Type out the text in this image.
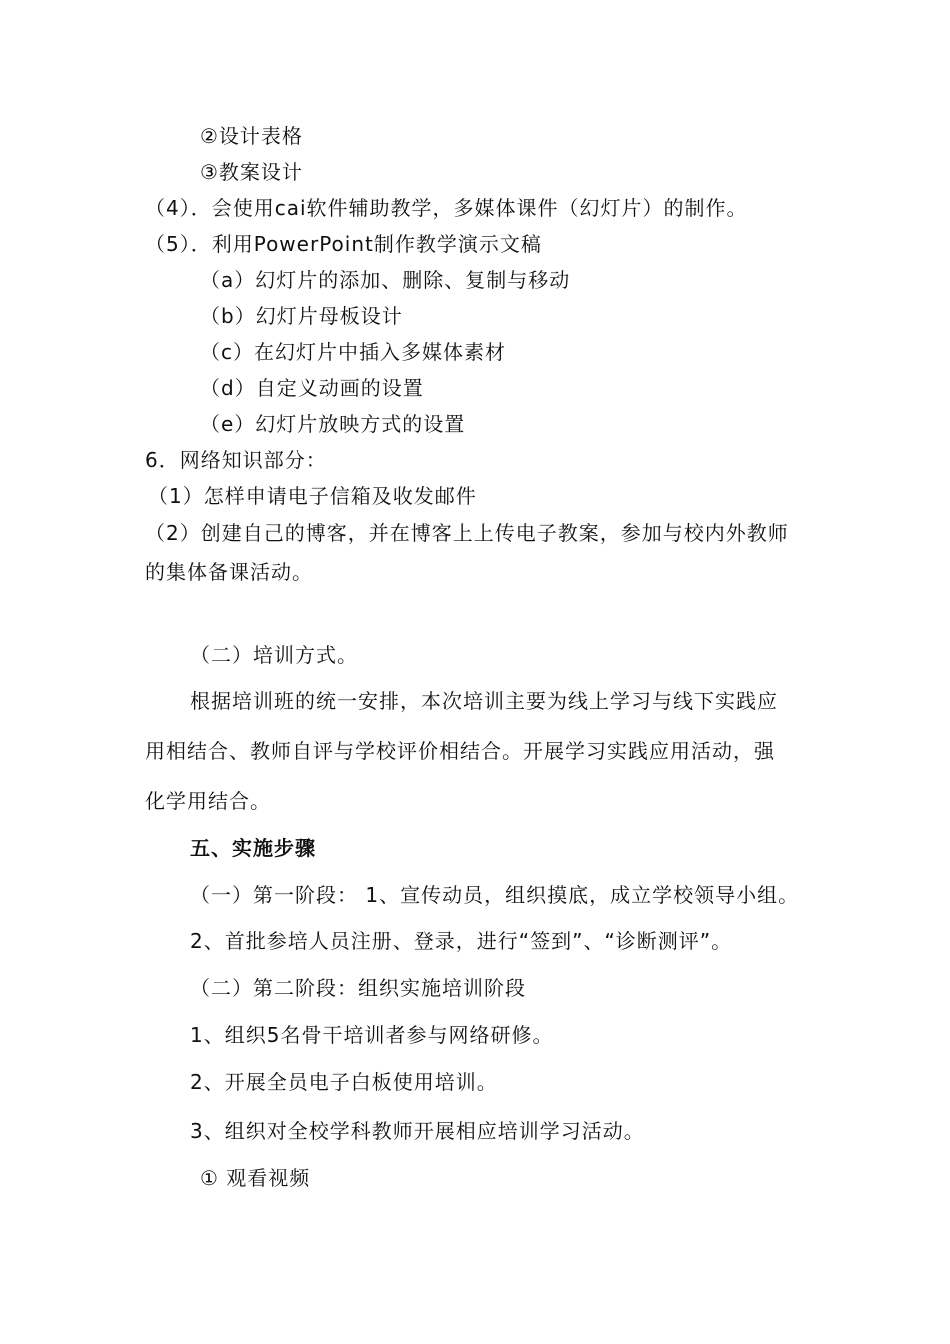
②设计表格
③教案设计
（4）．会使用cai软件辅助教学，多媒体课件（幻灯片）的制作。
（5）．利用PowerPoint制作教学演示文稿
（a）幻灯片的添加、删除、复制与移动
（b）幻灯片母板设计
（c）在幻灯片中插入多媒体素材
（d）自定义动画的设置
（e）幻灯片放映方式的设置
6．网络知识部分：
（1）怎样申请电子信箱及收发邮件
（2）创建自己的博客，并在博客上上传电子教案，参加与校内外教师
的集体备课活动。
（二）培训方式。
根据培训班的统一安排，本次培训主要为线上学习与线下实践应
用相结合、教师自评与学校评价相结合。开展学习实践应用活动，强
化学用结合。
五、实施步骤
（一）第一阶段： 1、宣传动员，组织摸底，成立学校领导小组。
2、首批参培人员注册、登录，进行“签到”、“诊断测评”。
（二）第二阶段：组织实施培训阶段
1、组织5名骨干培训者参与网络研修。
2、开展全员电子白板使用培训。
3、组织对全校学科教师开展相应培训学习活动。
① 观看视频
